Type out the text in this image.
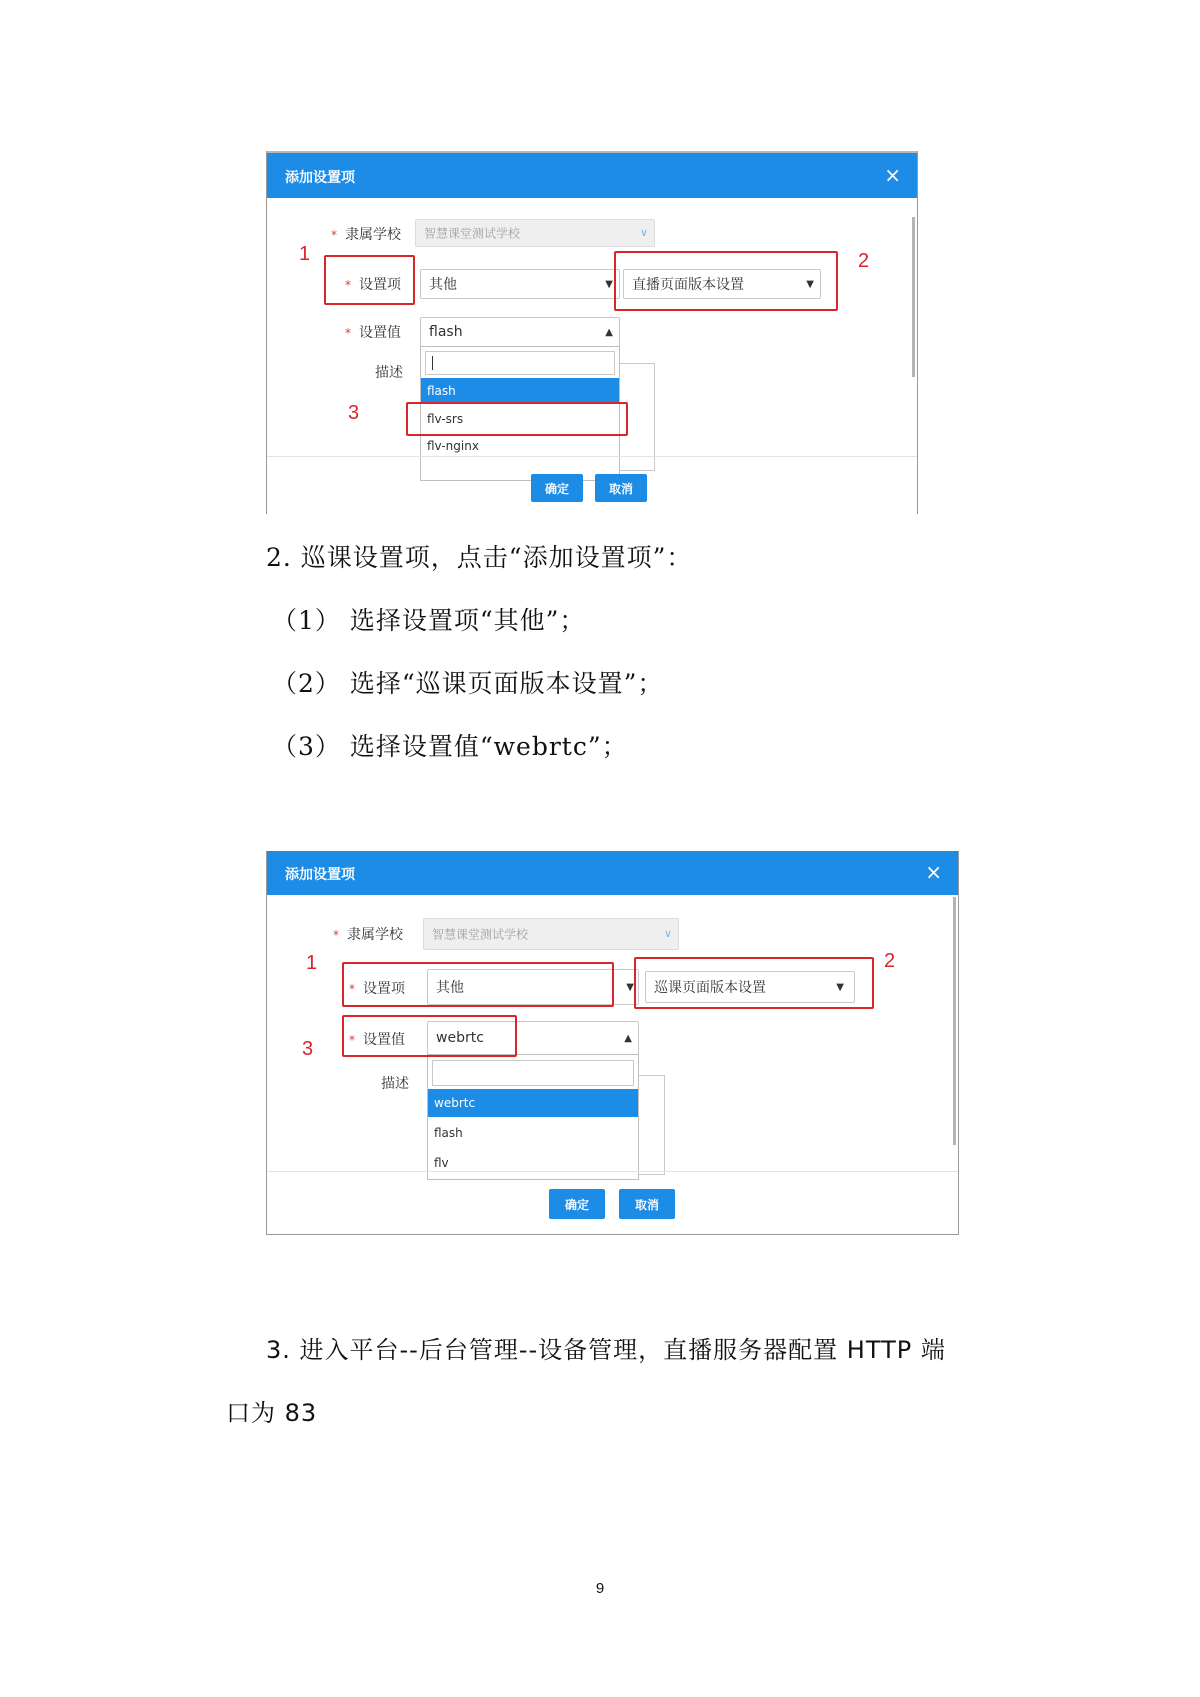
添加设置项	×
* 隶属学校 智慧课堂测试学校	∨
* 设置项 其他	▼ 直播页面版本设置	▼
* 设置值 flash	▲
描述
flash
flv-srs
flv-nginx
确定	取消
1	2
3
2. 巡课设置项，点击“添加设置项”：
（1） 选择设置项“其他”；
（2） 选择“巡课页面版本设置”；
（3） 选择设置值“webrtc”；
添加设置项	×
* 隶属学校 智慧课堂测试学校	∨
* 设置项 其他	▼ 巡课页面版本设置	▼
* 设置值 webrtc	▲
描述
webrtc
flash
flv
确定	取消
1	2
3
3. 进入平台--后台管理--设备管理，直播服务器配置 HTTP 端
口为 83
9
